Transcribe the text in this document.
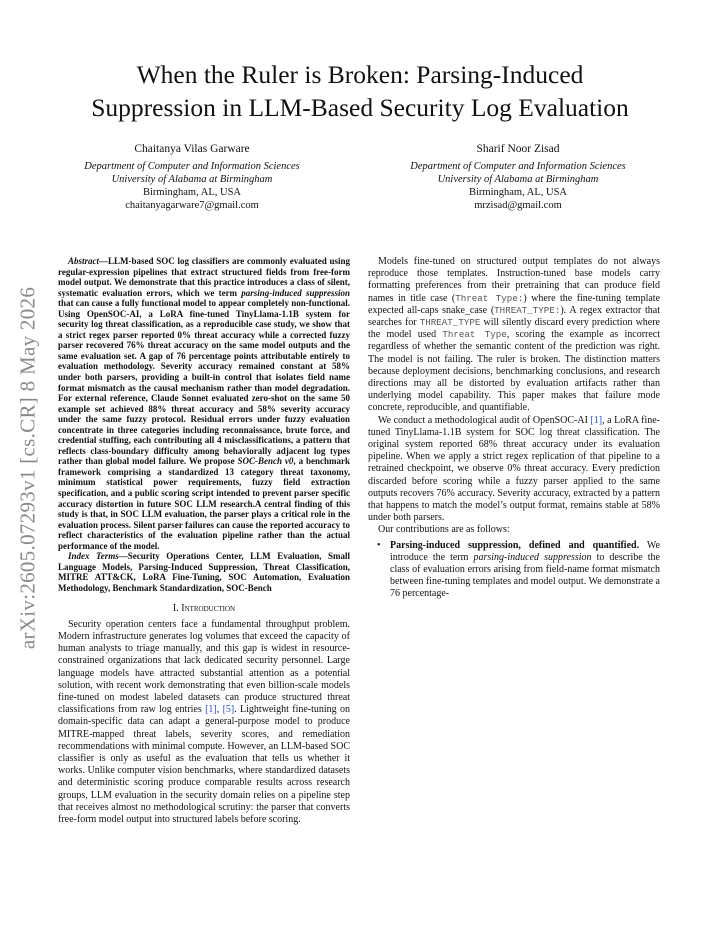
arXiv:2605.07293v1 [cs.CR] 8 May 2026
When the Ruler is Broken: Parsing-Induced
Suppression in LLM-Based Security Log Evaluation
Chaitanya Vilas Garware
Department of Computer and Information Sciences
University of Alabama at Birmingham
Birmingham, AL, USA
chaitanyagarware7@gmail.com
Sharif Noor Zisad
Department of Computer and Information Sciences
University of Alabama at Birmingham
Birmingham, AL, USA
mrzisad@gmail.com

Abstract—LLM-based SOC log classifiers are commonly evaluated using regular-expression pipelines that extract structured fields from free-form model output. We demonstrate that this practice introduces a class of silent, systematic evaluation errors, which we term parsing-induced suppression that can cause a fully functional model to appear completely non-functional. Using OpenSOC-AI, a LoRA fine-tuned TinyLlama-1.1B system for security log threat classification, as a reproducible case study, we show that a strict regex parser reported 0% threat accuracy while a corrected fuzzy parser recovered 76% threat accuracy on the same model outputs and the same evaluation set. A gap of 76 percentage points attributable entirely to evaluation methodology. Severity accuracy remained constant at 58% under both parsers, providing a built-in control that isolates field name format mismatch as the causal mechanism rather than model degradation. For external reference, Claude Sonnet evaluated zero-shot on the same 50 example set achieved 88% threat accuracy and 58% severity accuracy under the same fuzzy protocol. Residual errors under fuzzy evaluation concentrate in three categories including reconnaissance, brute force, and credential stuffing, each contributing all 4 misclassifications, a pattern that reflects class-boundary difficulty among behaviorally adjacent log types rather than global model failure. We propose SOC-Bench v0, a benchmark framework comprising a standardized 13 category threat taxonomy, minimum statistical power requirements, fuzzy field extraction specification, and a public scoring script intended to prevent parser specific accuracy distortion in future SOC LLM research.A central finding of this study is that, in SOC LLM evaluation, the parser plays a critical role in the evaluation process. Silent parser failures can cause the reported accuracy to reflect characteristics of the evaluation pipeline rather than the actual performance of the model.

Index Terms—Security Operations Center, LLM Evaluation, Small Language Models, Parsing-Induced Suppression, Threat Classification, MITRE ATT&CK, LoRA Fine-Tuning, SOC Automation, Evaluation Methodology, Benchmark Standardization, SOC-Bench

I. Introduction

Security operation centers face a fundamental throughput problem. Modern infrastructure generates log volumes that exceed the capacity of human analysts to triage manually, and this gap is widest in resource-constrained organizations that lack dedicated security personnel. Large language models have attracted substantial attention as a potential solution, with recent work demonstrating that even billion-scale models fine-tuned on modest labeled datasets can produce structured threat classifications from raw log entries [1], [5]. Lightweight fine-tuning on domain-specific data can adapt a general-purpose model to produce MITRE-mapped threat labels, severity scores, and remediation recommendations with minimal compute. However, an LLM-based SOC classifier is only as useful as the evaluation that tells us whether it works. Unlike computer vision benchmarks, where standardized datasets and deterministic scoring produce comparable results across research groups, LLM evaluation in the security domain relies on a pipeline step that receives almost no methodological scrutiny: the parser that converts free-form model output into structured labels before scoring.

Models fine-tuned on structured output templates do not always reproduce those templates. Instruction-tuned base models carry formatting preferences from their pretraining that can produce field names in title case (Threat Type:) where the fine-tuning template expected all-caps snake_case (THREAT_TYPE:). A regex extractor that searches for THREAT_TYPE will silently discard every prediction where the model used Threat Type, scoring the example as incorrect regardless of whether the semantic content of the prediction was right. The model is not failing. The ruler is broken. The distinction matters because deployment decisions, benchmarking conclusions, and research directions may all be distorted by evaluation artifacts rather than underlying model capability. This paper makes that failure mode concrete, reproducible, and quantifiable.

We conduct a methodological audit of OpenSOC-AI [1], a LoRA fine-tuned TinyLlama-1.1B system for SOC log threat classification. The original system reported 68% threat accuracy under its evaluation pipeline. When we apply a strict regex replication of that pipeline to a retrained checkpoint, we observe 0% threat accuracy. Every prediction discarded before scoring while a fuzzy parser applied to the same outputs recovers 76% accuracy. Severity accuracy, extracted by a pattern that happens to match the model’s output format, remains stable at 58% under both parsers.

Our contributions are as follows:

• Parsing-induced suppression, defined and quantified. We introduce the term parsing-induced suppression to describe the class of evaluation errors arising from field-name format mismatch between fine-tuning templates and model output. We demonstrate a 76 percentage-
